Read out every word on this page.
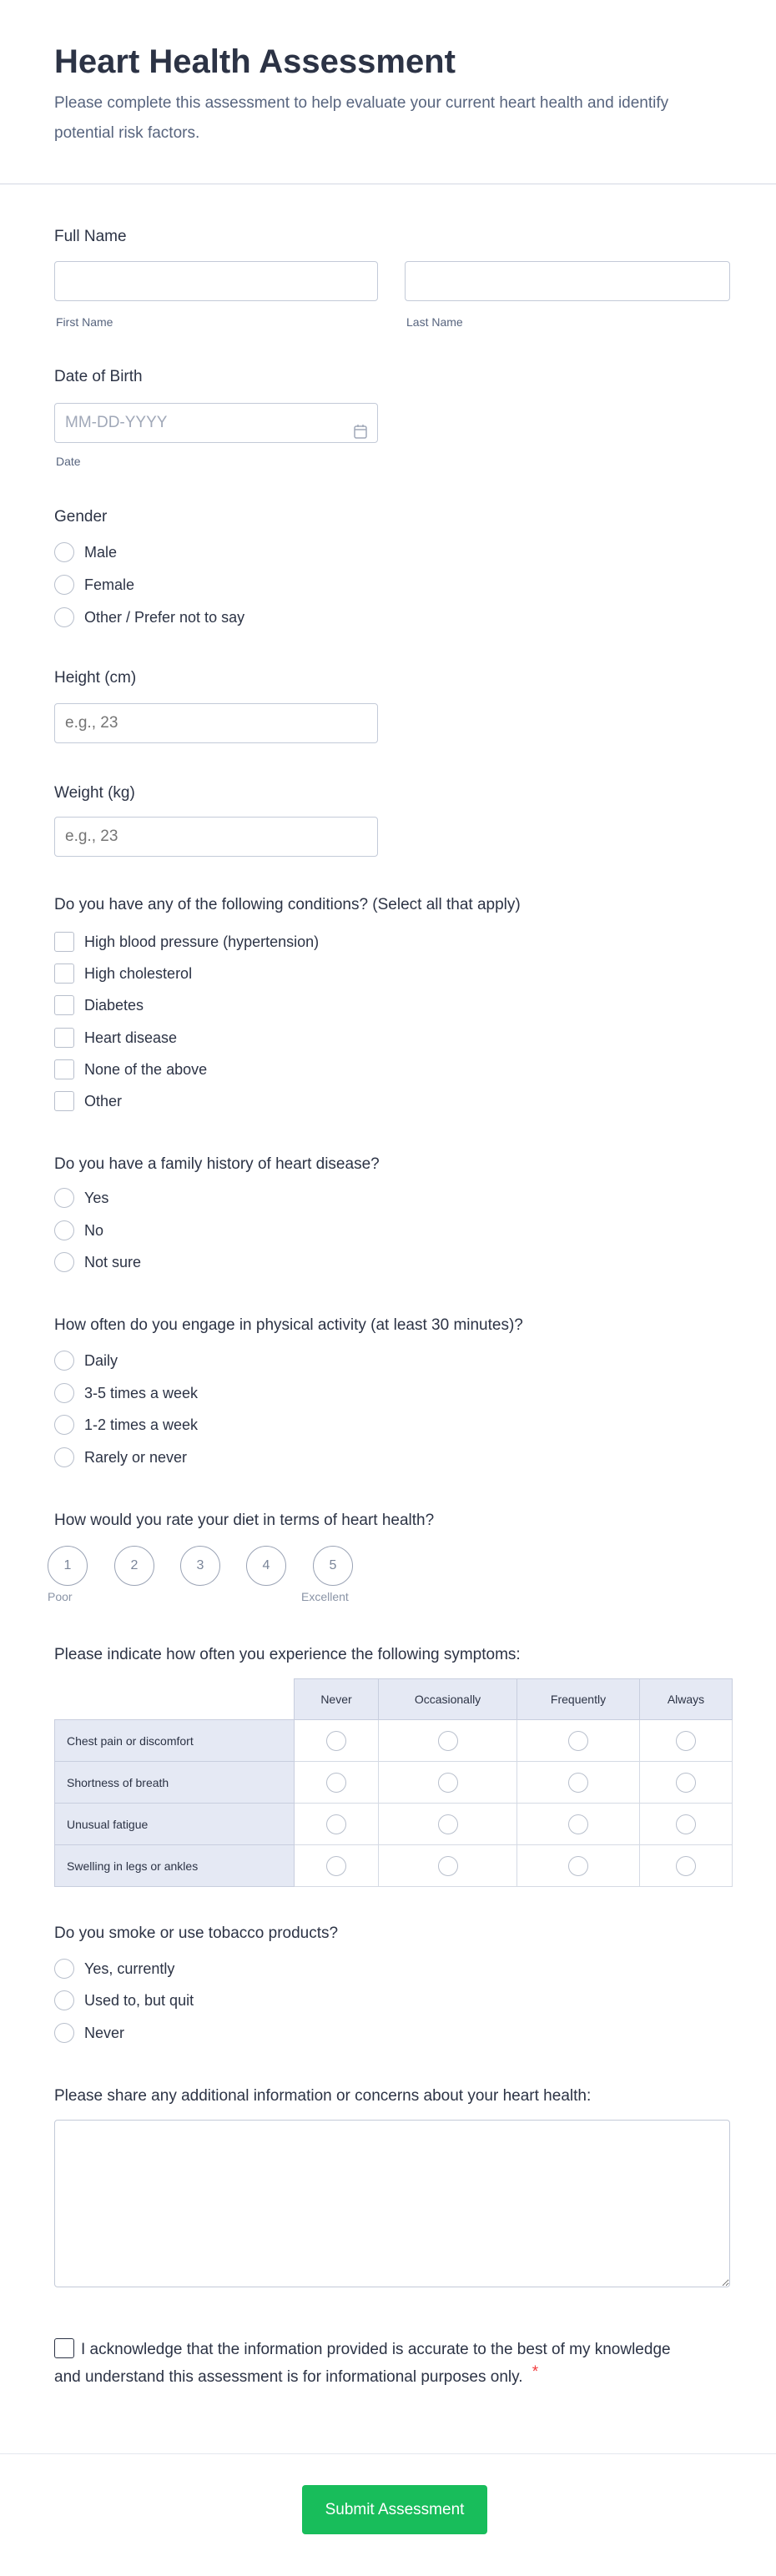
Heart Health Assessment

Please complete this assessment to help evaluate your current heart health and identify potential risk factors.

Full Name
First Name	Last Name
Date of Birth
MM-DD-YYYY
Date
Gender
Male
Female
Other / Prefer not to say
Height (cm)
e.g., 23
Weight (kg)
e.g., 23
Do you have any of the following conditions? (Select all that apply)
High blood pressure (hypertension)
High cholesterol
Diabetes
Heart disease
None of the above
Other
Do you have a family history of heart disease?
Yes
No
Not sure
How often do you engage in physical activity (at least 30 minutes)?
Daily
3-5 times a week
1-2 times a week
Rarely or never
How would you rate your diet in terms of heart health?
1	2	3	4	5
Poor	Excellent
Please indicate how often you experience the following symptoms:
	Never	Occasionally	Frequently	Always
Chest pain or discomfort				
Shortness of breath				
Unusual fatigue				
Swelling in legs or ankles				
Do you smoke or use tobacco products?
Yes, currently
Used to, but quit
Never
Please share any additional information or concerns about your heart health:
I acknowledge that the information provided is accurate to the best of my knowledge and understand this assessment is for informational purposes only. *
Submit Assessment
